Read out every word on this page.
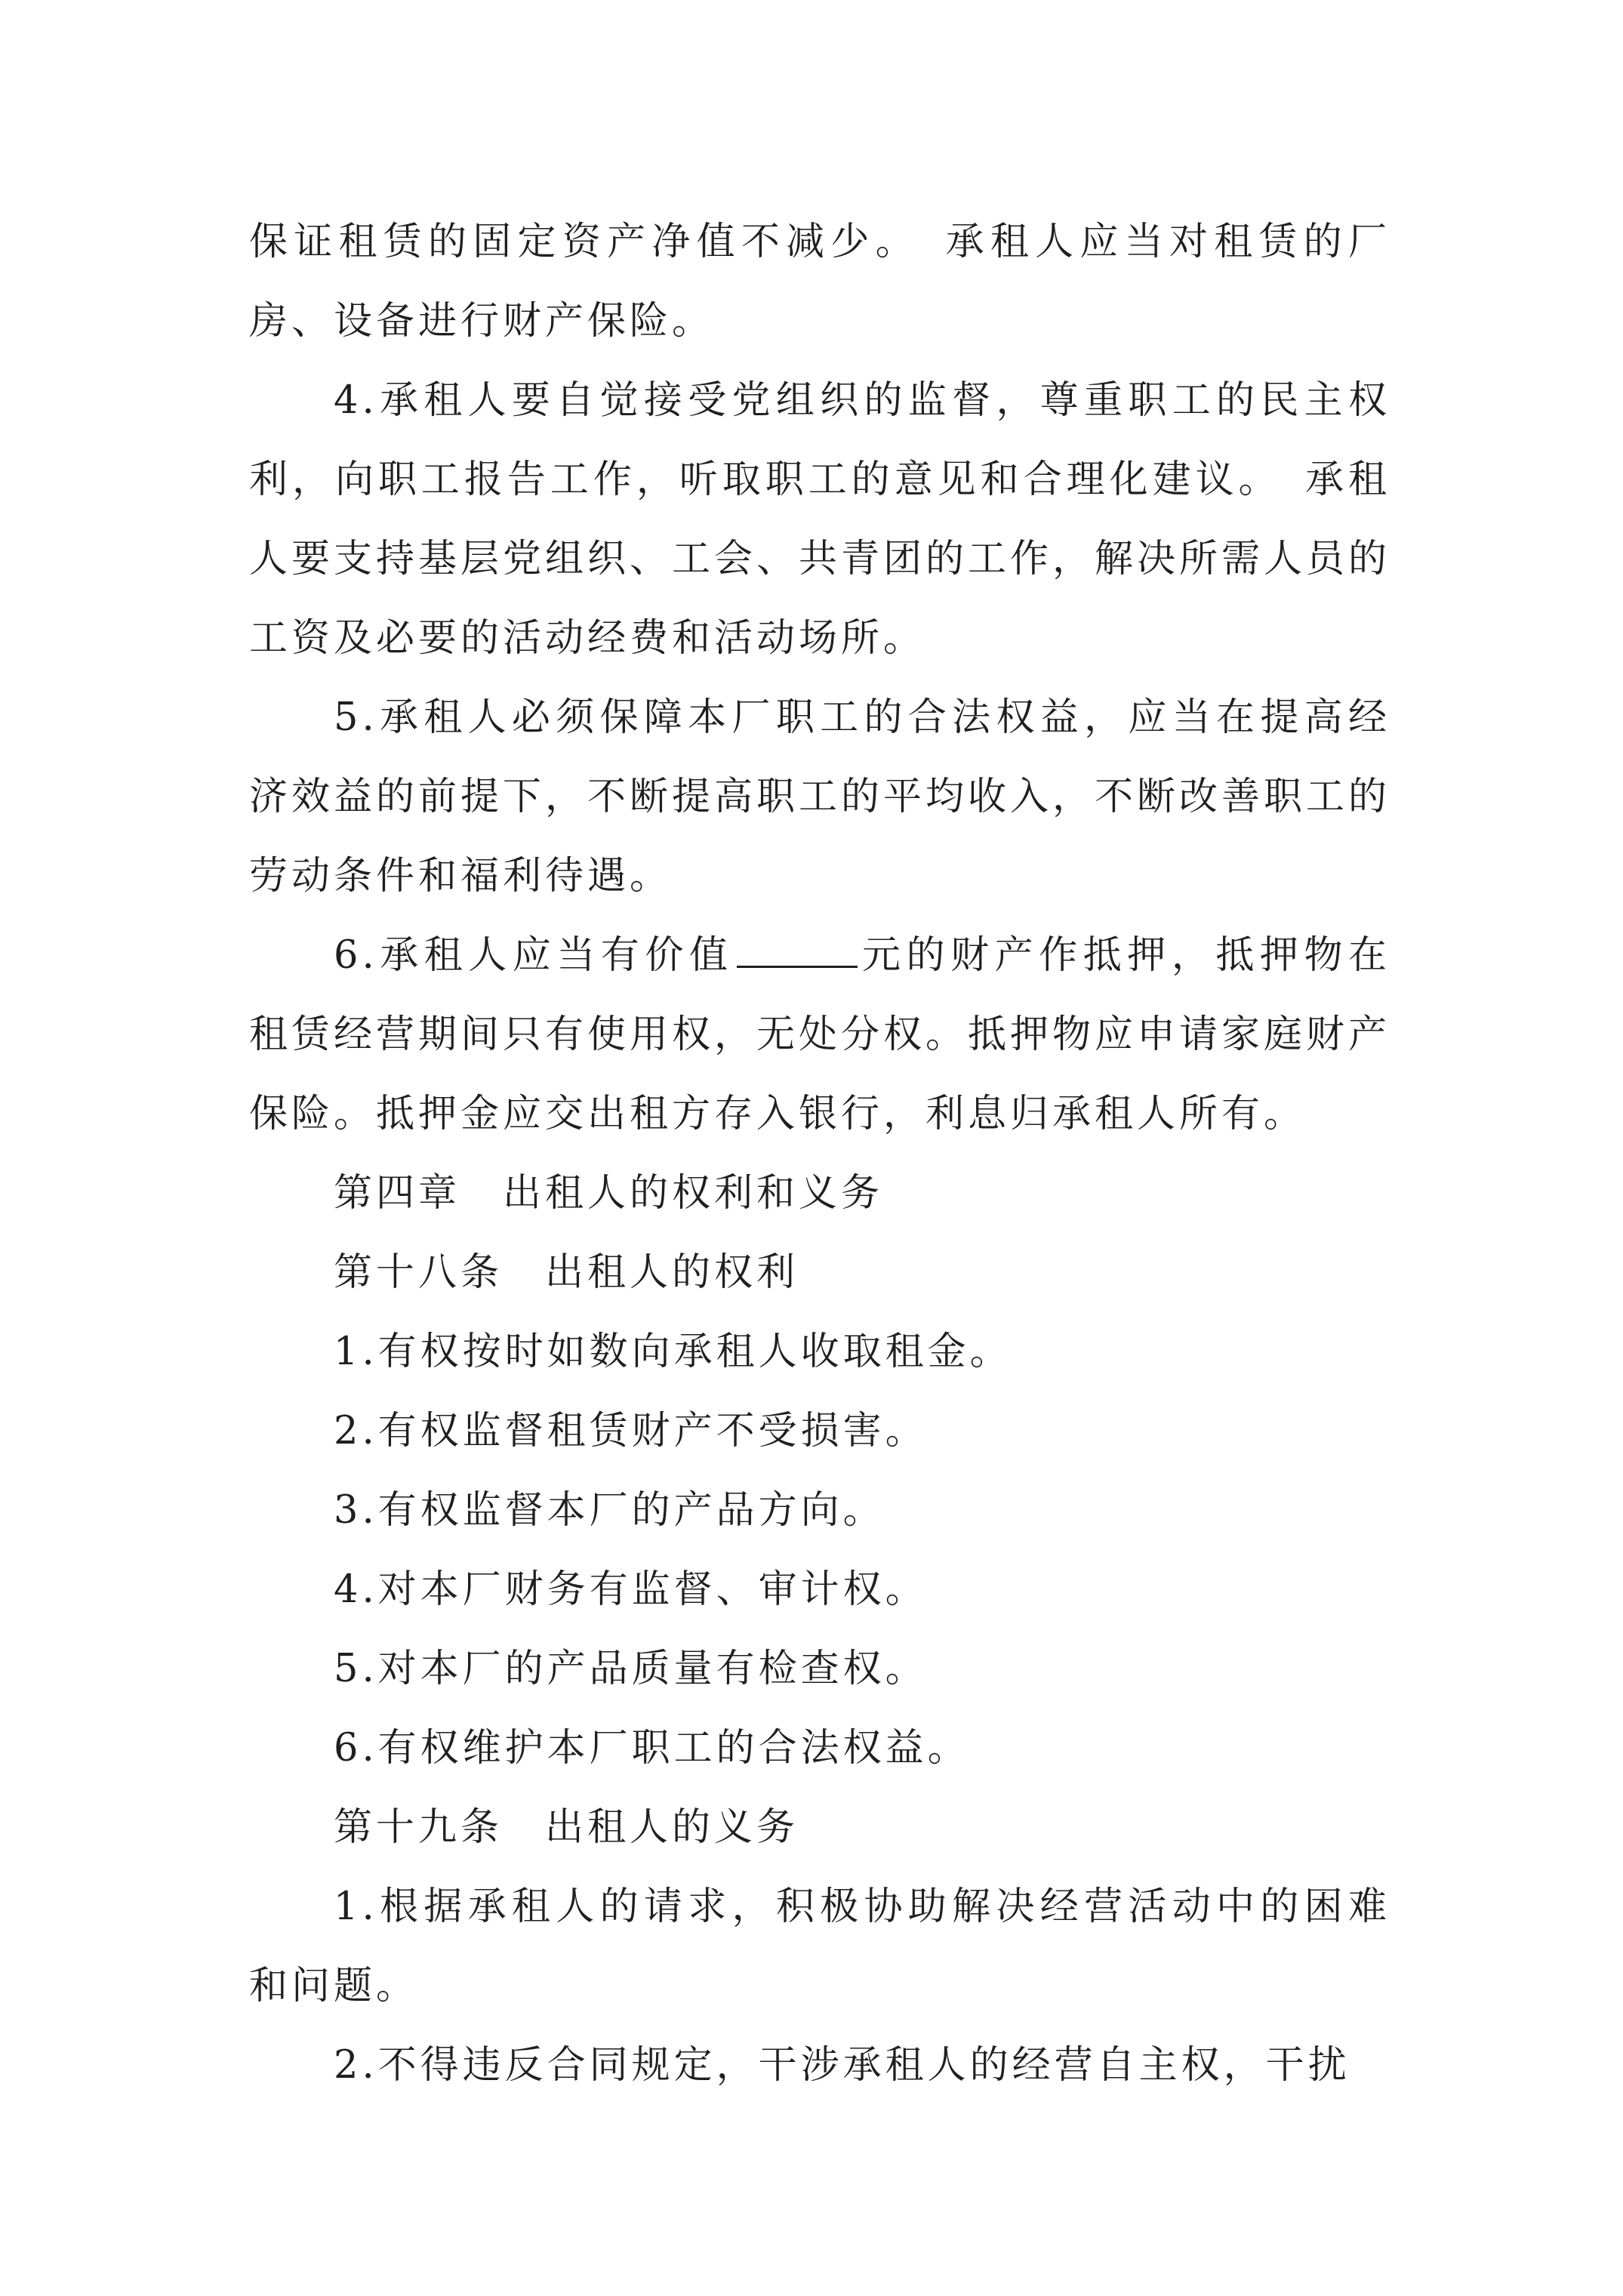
保证租赁的固定资产净值不减少。　承租人应当对租赁的厂房、设备进行财产保险。

4.承租人要自觉接受党组织的监督，尊重职工的民主权利，向职工报告工作，听取职工的意见和合理化建议。　承租人要支持基层党组织、工会、共青团的工作，解决所需人员的工资及必要的活动经费和活动场所。

5.承租人必须保障本厂职工的合法权益，应当在提高经济效益的前提下，不断提高职工的平均收入，不断改善职工的劳动条件和福利待遇。

6.承租人应当有价值	元的财产作抵押，抵押物在租赁经营期间只有使用权，无处分权。抵押物应申请家庭财产保险。抵押金应交出租方存入银行，利息归承租人所有。

第四章　出租人的权利和义务

第十八条　出租人的权利

1.有权按时如数向承租人收取租金。

2.有权监督租赁财产不受损害。

3.有权监督本厂的产品方向。

4.对本厂财务有监督、审计权。

5.对本厂的产品质量有检查权。

6.有权维护本厂职工的合法权益。

第十九条　出租人的义务

1.根据承租人的请求，积极协助解决经营活动中的困难和问题。

2.不得违反合同规定，干涉承租人的经营自主权，干扰
